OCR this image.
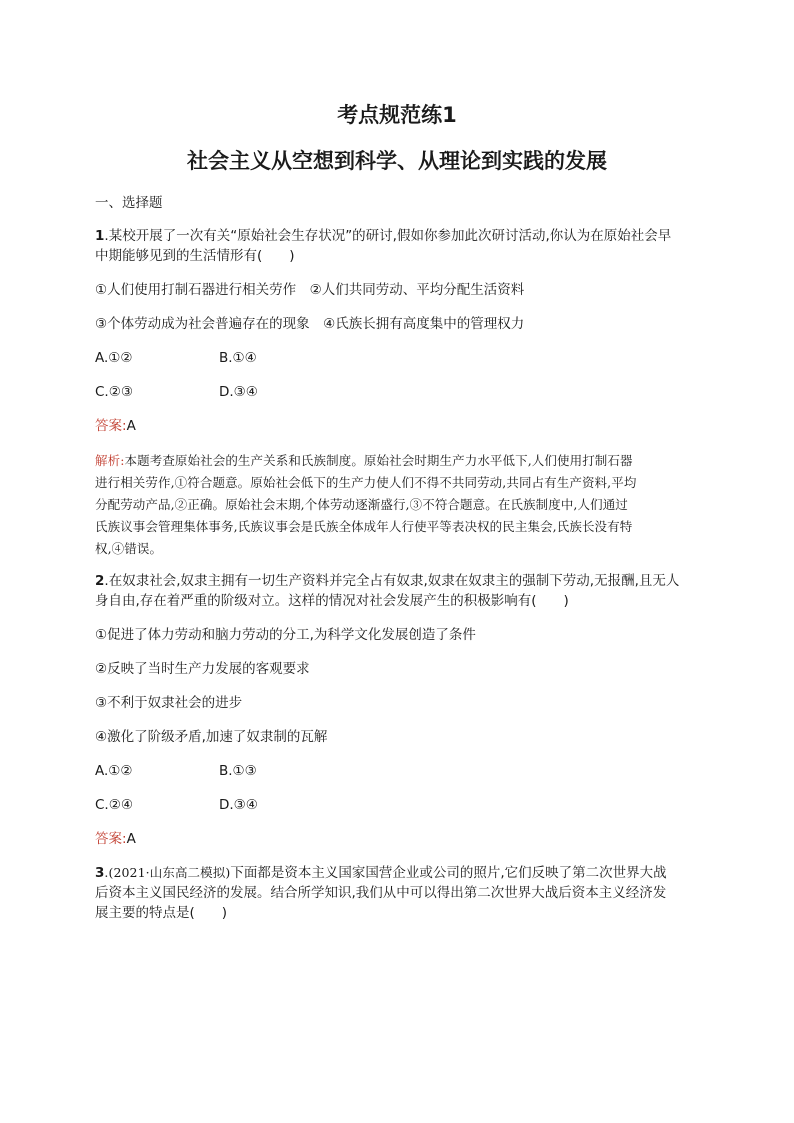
考点规范练1
社会主义从空想到科学、从理论到实践的发展
一、选择题
1.某校开展了一次有关“原始社会生存状况”的研讨,假如你参加此次研讨活动,你认为在原始社会早
中期能够见到的生活情形有(　　)
①人们使用打制石器进行相关劳作　②人们共同劳动、平均分配生活资料
③个体劳动成为社会普遍存在的现象　④氏族长拥有高度集中的管理权力
A.①②	B.①④
C.②③	D.③④
答案:A
解析:本题考查原始社会的生产关系和氏族制度。原始社会时期生产力水平低下,人们使用打制石器
进行相关劳作,①符合题意。原始社会低下的生产力使人们不得不共同劳动,共同占有生产资料,平均
分配劳动产品,②正确。原始社会末期,个体劳动逐渐盛行,③不符合题意。在氏族制度中,人们通过
氏族议事会管理集体事务,氏族议事会是氏族全体成年人行使平等表决权的民主集会,氏族长没有特
权,④错误。
2.在奴隶社会,奴隶主拥有一切生产资料并完全占有奴隶,奴隶在奴隶主的强制下劳动,无报酬,且无人
身自由,存在着严重的阶级对立。这样的情况对社会发展产生的积极影响有(　　)
①促进了体力劳动和脑力劳动的分工,为科学文化发展创造了条件
②反映了当时生产力发展的客观要求
③不利于奴隶社会的进步
④激化了阶级矛盾,加速了奴隶制的瓦解
A.①②	B.①③
C.②④	D.③④
答案:A
3.(2021·山东高二模拟)下面都是资本主义国家国营企业或公司的照片,它们反映了第二次世界大战
后资本主义国民经济的发展。结合所学知识,我们从中可以得出第二次世界大战后资本主义经济发
展主要的特点是(　　)
